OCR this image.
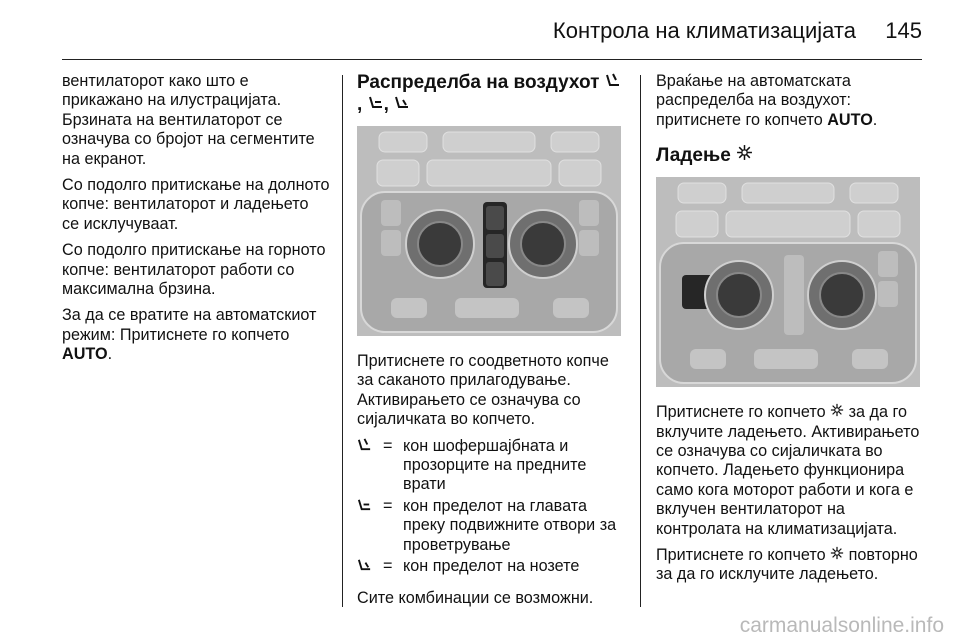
Контрола на климатизацијата 145

вентилаторот како што е прикажано на илустрацијата. Брзината на вентилаторот се означува со бројот на сегментите на екранот.

Со подолго притискање на долното копче: вентилаторот и ладењето се исклучуваат.

Со подолго притискање на горното копче: вентилаторот работи со максимална брзина.

За да се вратите на автоматскиот режим: Притиснете го копчето AUTO.

Распределба на воздухот , ,

Притиснете го соодветното копче за саканото прилагодување. Активирањето се означува со сијаличката во копчето.

= кон шофершајбната и прозорците на предните врати
= кон пределот на главата преку подвижните отвори за проветрување
= кон пределот на нозете

Сите комбинации се возможни.

Враќање на автоматската распределба на воздухот: притиснете го копчето AUTO.

Ладење

Притиснете го копчето  за да го вклучите ладењето. Активирањето се означува со сијаличката во копчето. Ладењето функционира само кога моторот работи и кога е вклучен вентилаторот на контролата на климатизацијата.

Притиснете го копчето  повторно за да го исклучите ладењето.

carmanualsonline.info
